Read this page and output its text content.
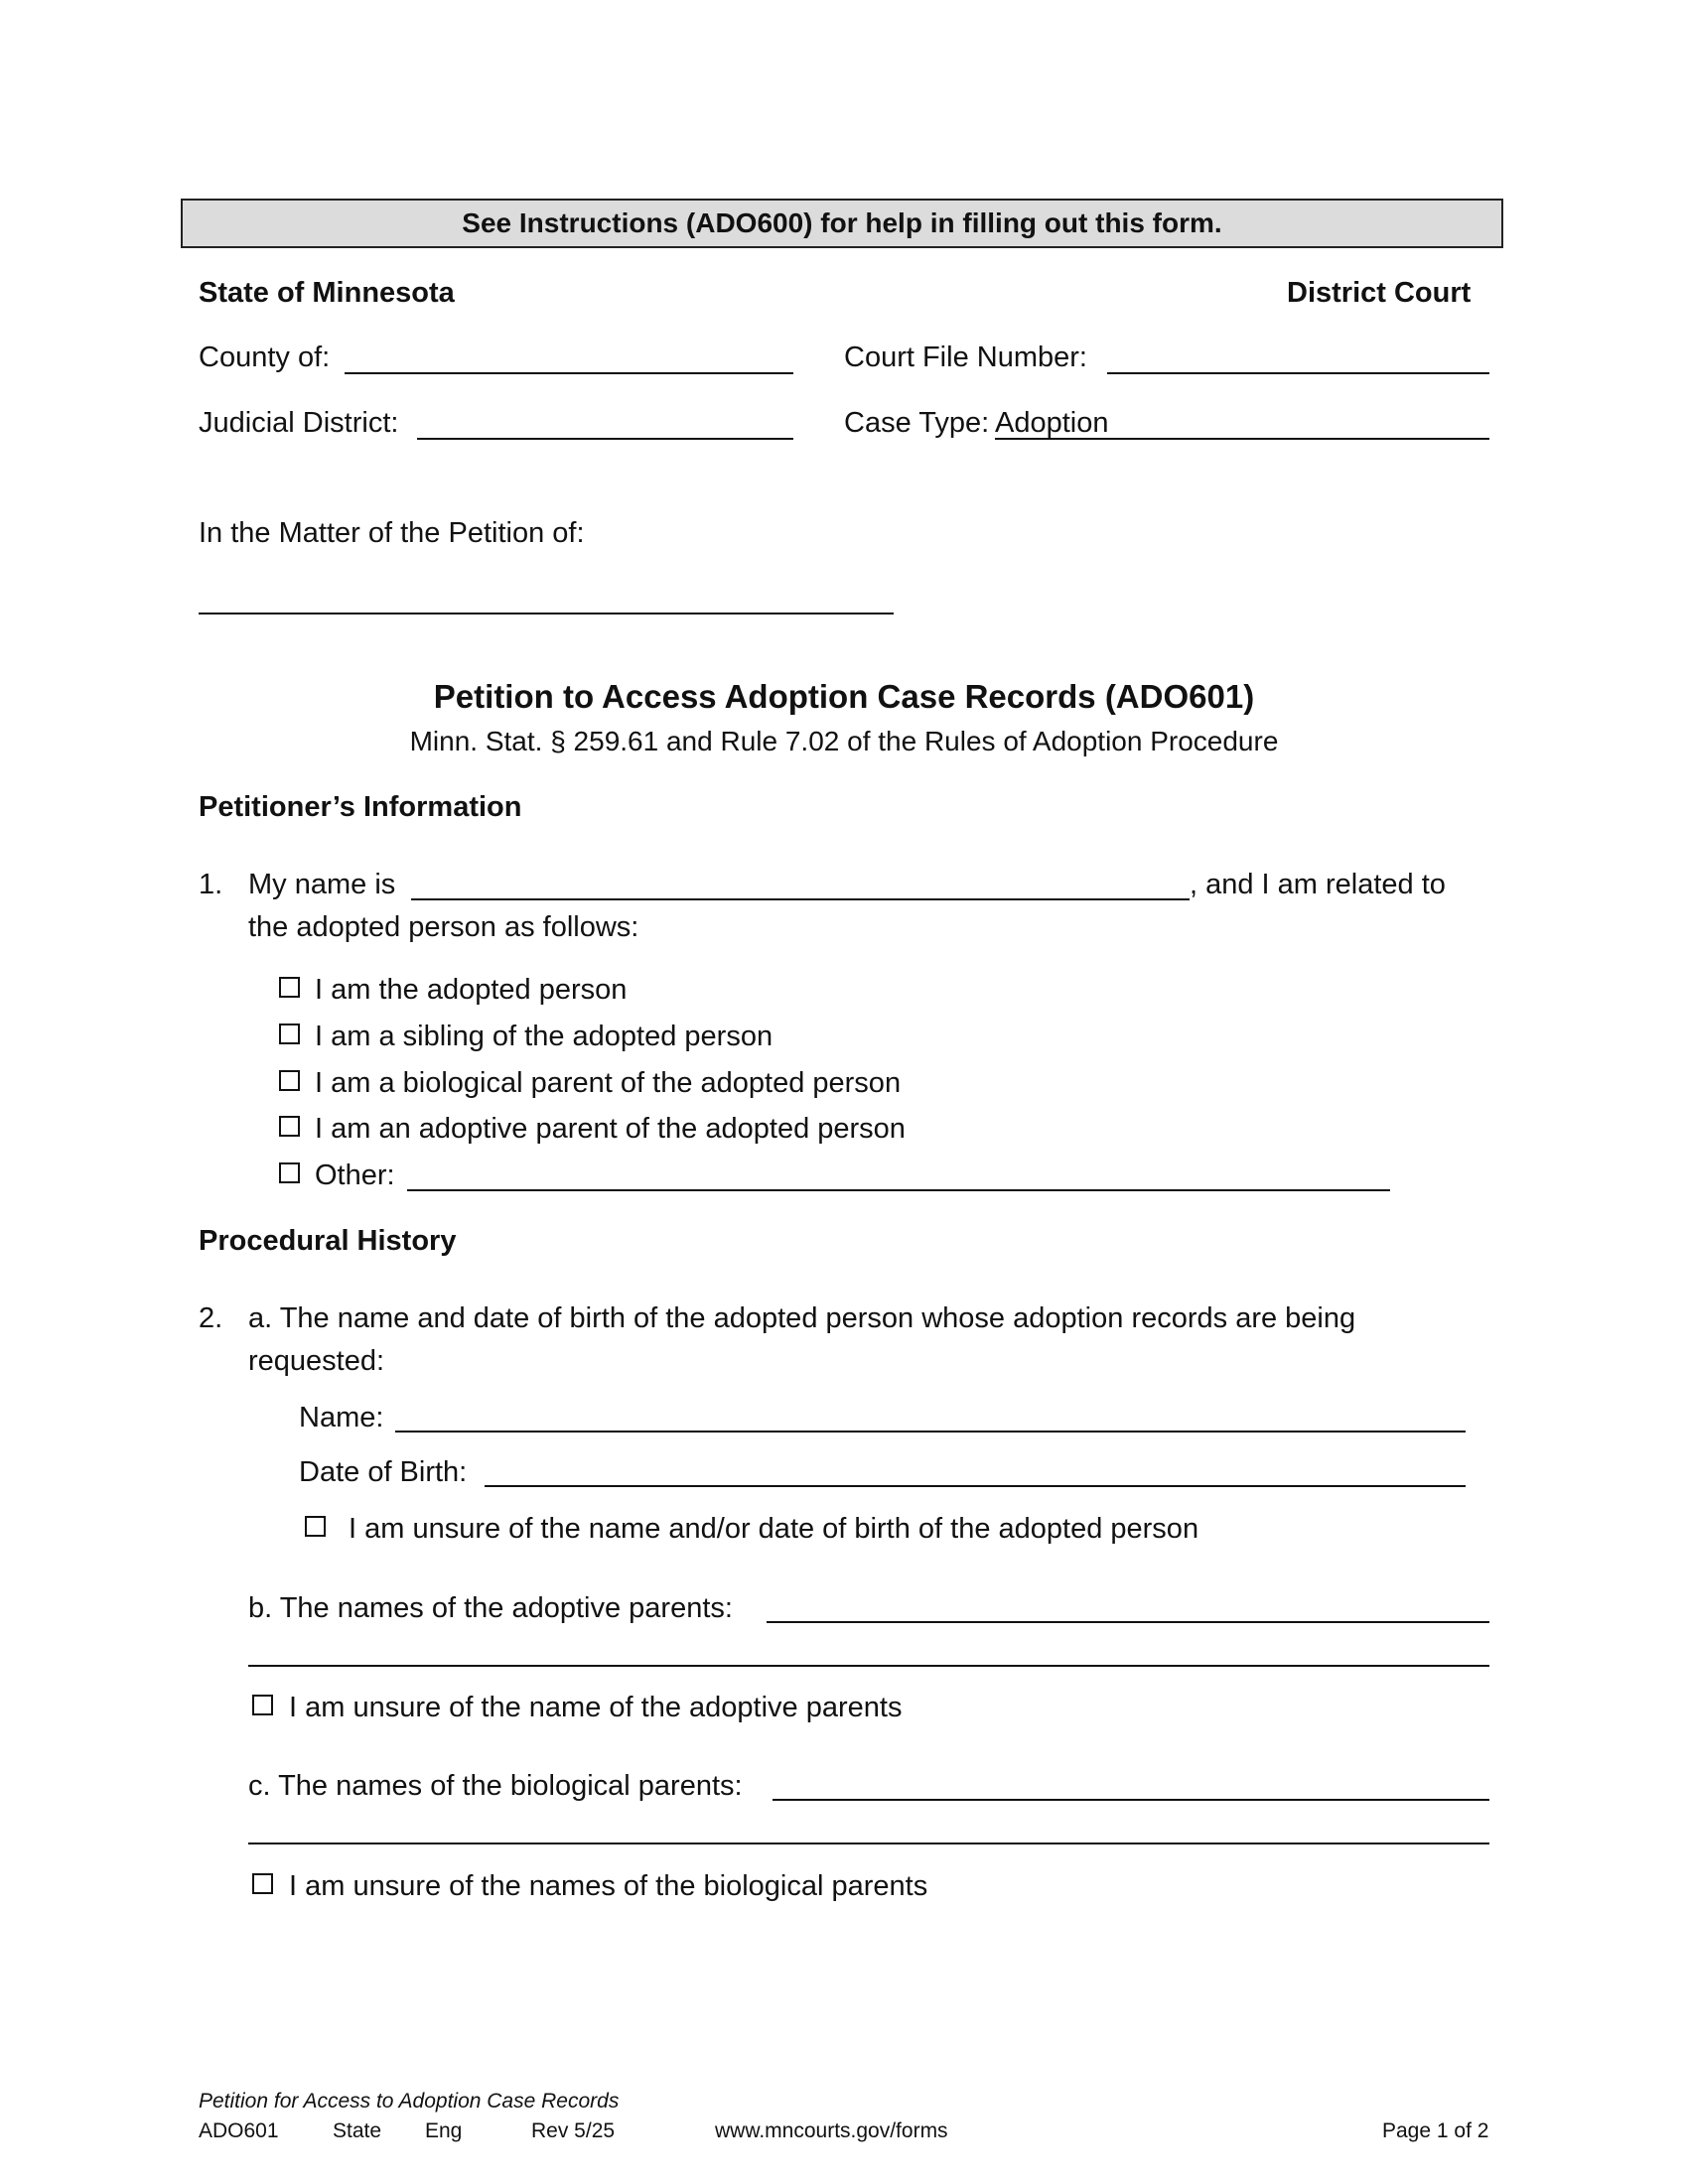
See Instructions (ADO600) for help in filling out this form.
State of Minnesota	District Court
County of:	Court File Number:
Judicial District:	Case Type: Adoption
In the Matter of the Petition of:
Petition to Access Adoption Case Records (ADO601)
Minn. Stat. § 259.61 and Rule 7.02 of the Rules of Adoption Procedure
Petitioner’s Information
1. My name is	, and I am related to
the adopted person as follows:
I am the adopted person
I am a sibling of the adopted person
I am a biological parent of the adopted person
I am an adoptive parent of the adopted person
Other:
Procedural History
2. a. The name and date of birth of the adopted person whose adoption records are being
requested:
Name:
Date of Birth:
I am unsure of the name and/or date of birth of the adopted person
b. The names of the adoptive parents:
I am unsure of the name of the adoptive parents
c. The names of the biological parents:
I am unsure of the names of the biological parents
Petition for Access to Adoption Case Records
ADO601	State Eng	Rev 5/25	www.mncourts.gov/forms	Page 1 of 2
